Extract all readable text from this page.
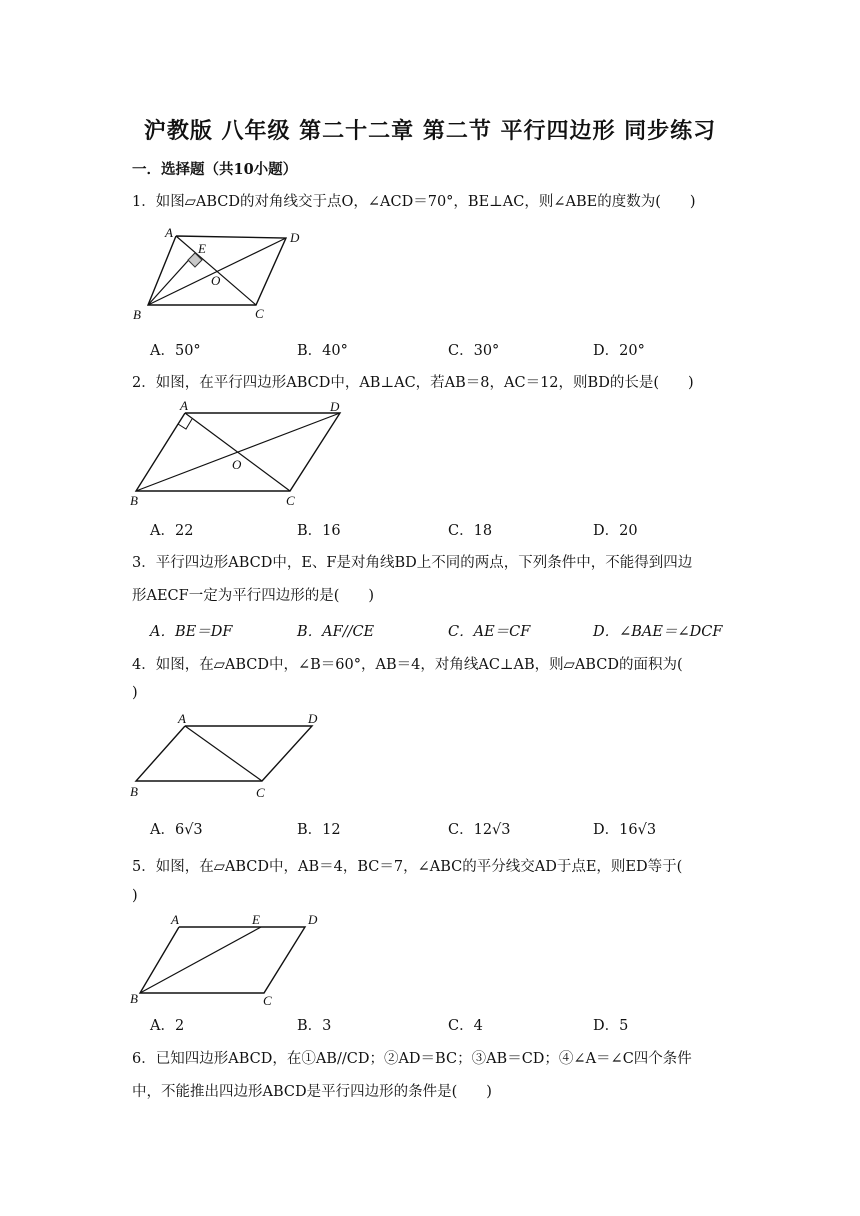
沪教版 八年级 第二十二章 第二节 平行四边形 同步练习
一．选择题（共10小题）
1．如图▱ABCD的对角线交于点O，∠ACD＝70°，BE⊥AC，则∠ABE的度数为(　　)
A
B	C
D
E
O
A．50°	B．40°	C．30°	D．20°
2．如图，在平行四边形ABCD中，AB⊥AC，若AB＝8，AC＝12，则BD的长是(　　)
A
B	C
D
O
A．22	B．16	C．18	D．20
3．平行四边形ABCD中，E、F是对角线BD上不同的两点，下列条件中，不能得到四边
形AECF一定为平行四边形的是(　　)
A．BE＝DF	B．AF//CE	C．AE＝CF	D．∠BAE＝∠DCF
4．如图，在▱ABCD中，∠B＝60°，AB＝4，对角线AC⊥AB，则▱ABCD的面积为(
)
A
B	C
D
A．6√3	B．12	C．12√3	D．16√3
5．如图，在▱ABCD中，AB＝4，BC＝7，∠ABC的平分线交AD于点E，则ED等于(
)
A
B	C
D
E
A．2	B．3	C．4	D．5
6．已知四边形ABCD，在①AB//CD；②AD＝BC；③AB＝CD；④∠A＝∠C四个条件
中，不能推出四边形ABCD是平行四边形的条件是(　　)
